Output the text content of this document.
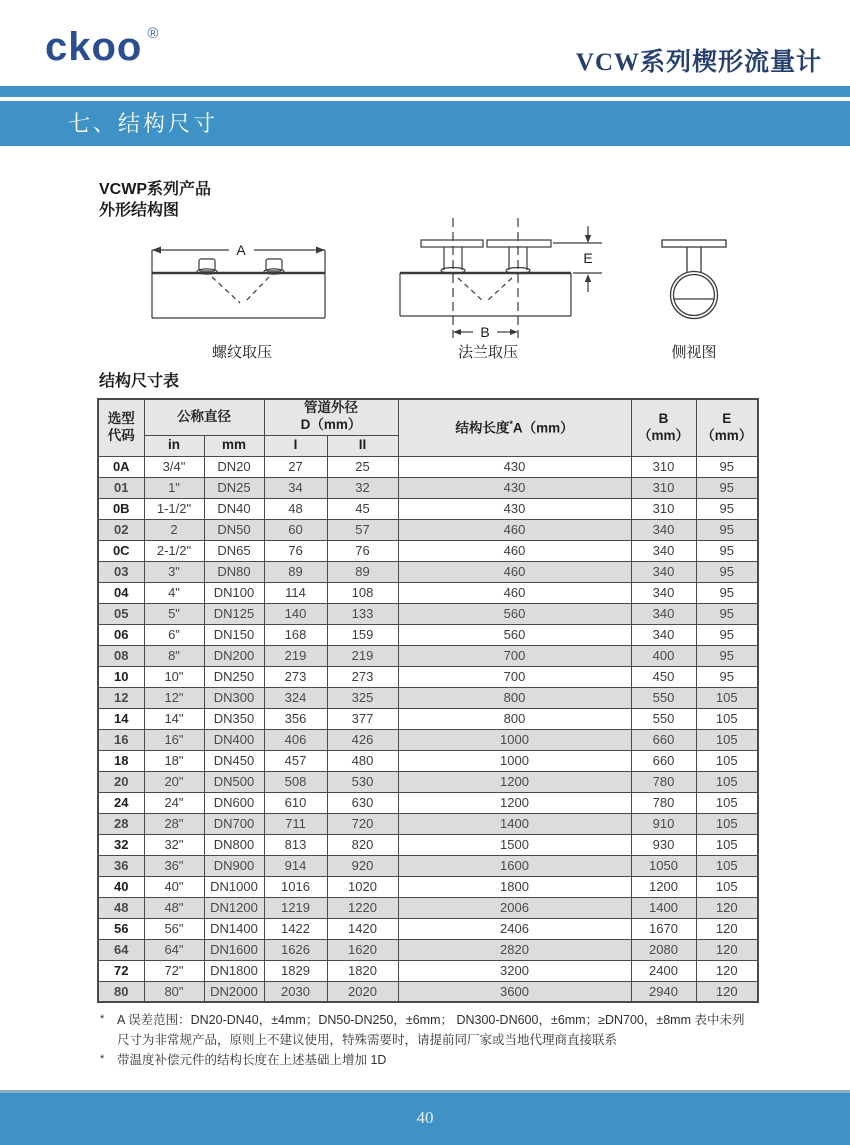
ckoo ®
VCW系列楔形流量计
七、结构尺寸
VCWP系列产品
外形结构图
A	E
B
螺纹取压	法兰取压	侧视图
结构尺寸表
选型
代码
	公称直径	
管道外径
D（mm）	结构长度*A（mm）	
B
（mm）

E
（mm）

	in	mm	I	II			
0A	3/4"	DN20	27	25	430	310	95
01	1"	DN25	34	32	430	310	95
0B	1-1/2"	DN40	48	45	430	310	95
02	2	DN50	60	57	460	340	95
0C	2-1/2"	DN65	76	76	460	340	95
03	3"	DN80	89	89	460	340	95
04	4"	DN100	114	108	460	340	95
05	5"	DN125	140	133	560	340	95
06	6"	DN150	168	159	560	340	95
08	8"	DN200	219	219	700	400	95
10	10"	DN250	273	273	700	450	95
12	12"	DN300	324	325	800	550	105
14	14"	DN350	356	377	800	550	105
16	16"	DN400	406	426	1000	660	105
18	18"	DN450	457	480	1000	660	105
20	20"	DN500	508	530	1200	780	105
24	24"	DN600	610	630	1200	780	105
28	28"	DN700	711	720	1400	910	105
32	32"	DN800	813	820	1500	930	105
36	36"	DN900	914	920	1600	1050	105
40	40"	DN1000	1016	1020	1800	1200	105
48	48"	DN1200	1219	1220	2006	1400	120
56	56"	DN1400	1422	1420	2406	1670	120
64	64"	DN1600	1626	1620	2820	2080	120
72	72"	DN1800	1829	1820	3200	2400	120
80	80"	DN2000	2030	2020	3600	2940	120
*	A 误差范围：DN20-DN40，±4mm；DN50-DN250，±6mm； DN300-DN600，±6mm；≥DN700，±8mm 表中未列尺寸为非常规产品，原则上不建议使用，特殊需要时，请提前同厂家或当地代理商直接联系
*	带温度补偿元件的结构长度在上述基础上增加 1D
40
